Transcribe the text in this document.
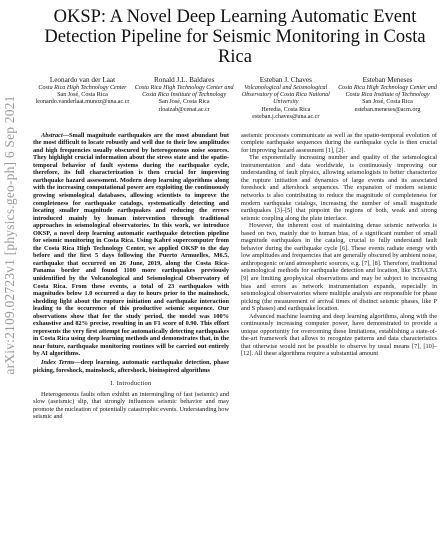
arXiv:2109.02723v1 [physics.geo-ph] 6 Sep 2021
OKSP: A Novel Deep Learning Automatic Event Detection Pipeline for Seismic Monitoring in Costa Rica
Leonardo van der Laat
Costa Rica High Technology Center
San José, Costa Rica
leonardo.vanderlaat.munoz@una.ac.cr
Ronald J.L. Baldares
Costa Rica High Technology Center and Costa Rica Institute of Technology
San José, Costa Rica
rloaizab@cenat.ac.cr
Esteban J. Chaves
Volcanological and Seismological Observatory of Costa Rica National University
Heredia, Costa Rica
esteban.j.chaves@una.ac.cr
Esteban Meneses
Costa Rica High Technology Center and Costa Rica Institute of Technology
San José, Costa Rica
esteban.meneses@acm.org

Abstract—Small magnitude earthquakes are the most abundant but the most difficult to locate robustly and well due to their low amplitudes and high frequencies usually obscured by heterogeneous noise sources. They highlight crucial information about the stress state and the spatio-temporal behavior of fault systems during the earthquake cycle, therefore, its full characterization is then crucial for improving earthquake hazard assessment. Modern deep learning algorithms along with the increasing computational power are exploiting the continuously growing seismological databases, allowing scientists to improve the completeness for earthquake catalogs, systematically detecting and locating smaller magnitude earthquakes and reducing the errors introduced mainly by human intervention through traditional approaches in seismological observatories. In this work, we introduce OKSP, a novel deep learning automatic earthquake detection pipeline for seismic monitoring in Costa Rica. Using Kabré supercomputer from the Costa Rica High Technology Center, we applied OKSP to the day before and the first 5 days following the Puerto Armuelles, M6.5, earthquake that occurred on 26 June, 2019, along the Costa Rica-Panama border and found 1100 more earthquakes previously unidentified by the Volcanological and Seismological Observatory of Costa Rica. From these events, a total of 23 earthquakes with magnitudes below 1.0 occurred a day to hours prior to the mainshock, shedding light about the rupture initiation and earthquake interaction leading to the occurrence of this productive seismic sequence. Our observations show that for the study period, the model was 100% exhaustive and 82% precise, resulting in an F1 score of 0.90. This effort represents the very first attempt for automatically detecting earthquakes in Costa Rica using deep learning methods and demonstrates that, in the near future, earthquake monitoring routines will be carried out entirely by AI algorithms.

Index Terms—deep learning, automatic earthquake detection, phase picking, foreshock, mainshock, aftershock, bioinspired algorithms

I. Introduction

Heterogeneous faults often exhibit an intermingling of fast (seismic) and slow (aseismic) slip, that strongly influences seismic behavior and may promote the nucleation of potentially catastrophic events. Understanding how seismic and

aseismic processes communicate as well as the spatio-temporal evolution of complete earthquake sequences during the earthquake cycle is then crucial for improving hazard assessment [1], [2].

The exponentially increasing number and quality of the seismological instrumentation and data worldwide, is continuously improving our understanding of fault physics, allowing seismologists to better characterize the rupture initiation and dynamics of large events and its associated foreshock and aftershock sequences. The expansion of modern seismic networks is also contributing to reduce the magnitude of completeness for modern earthquake catalogs, increasing the number of small magnitude earthquakes [3]–[5] that pinpoint the regions of both, weak and strong seismic coupling along the plate interface.

However, the inherent cost of maintaining dense seismic networks is based on two, mainly due to human bias, of a significant number of small magnitude earthquakes in the catalog, crucial to fully understand fault behavior during the earthquake cycle [6]. These events radiate energy with low amplitudes and frequencies that are generally obscured by ambient noise, anthropogenic or/and atmospheric sources, e.g. [7], [8]. Therefore, traditional seismological methods for earthquake detection and location, like STA/LTA [9] are limiting geophysical observations and may be subject to increasing bias and errors as network instrumentation expands, especially in seismological observatories where multiple analysts are responsible for phase picking (the measurement of arrival times of distinct seismic phases, like P and S phases) and earthquake location.

Advanced machine learning and deep learning algorithms, along with the continuously increasing computer power, have demonstrated to provide a unique opportunity for overcoming these limitations, establishing a state-of-the-art framework that allows to recognize patterns and data characteristics that otherwise would not be possible to observe by usual means [7], [10]–[12]. All these algorithms require a substantial amount
